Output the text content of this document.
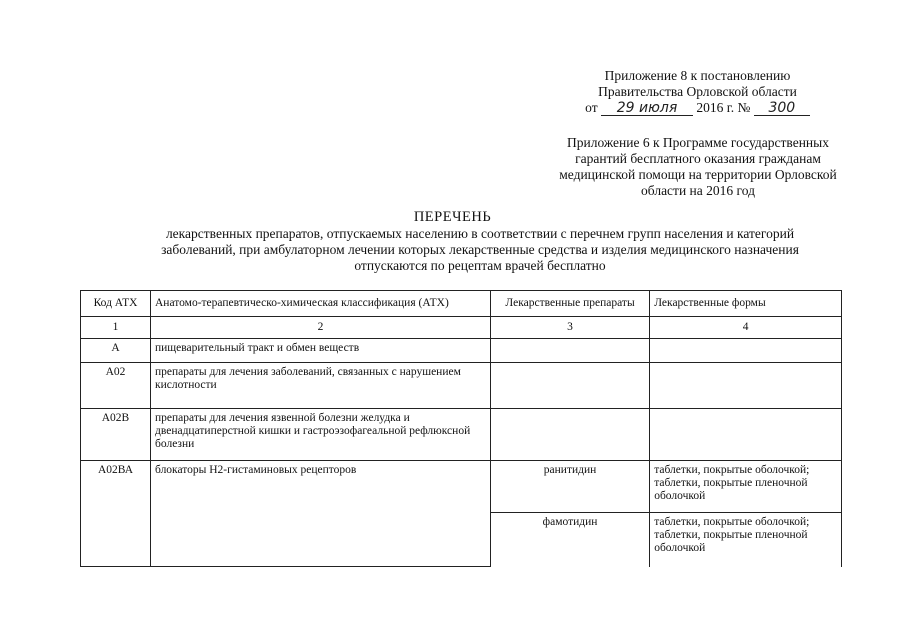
Приложение 8 к постановлению
Правительства Орловской области
от 29 июля 2016 г. № 300
Приложение 6 к Программе государственных
гарантий бесплатного оказания гражданам
медицинской помощи на территории Орловской
области на 2016 год
ПЕРЕЧЕНЬ
лекарственных препаратов, отпускаемых населению в соответствии с перечнем групп населения и категорий
заболеваний, при амбулаторном лечении которых лекарственные средства и изделия медицинского назначения
отпускаются по рецептам врачей бесплатно
Код АТХ	Анатомо-терапевтическо-химическая классификация (АТХ)	Лекарственные препараты	Лекарственные формы
1	2	3	4
А	пищеварительный тракт и обмен веществ		
А02	препараты для лечения заболеваний, связанных с нарушением кислотности		
А02В	препараты для лечения язвенной болезни желудка и двенадцатиперстной кишки и гастроэзофагеальной рефлюксной болезни		
А02ВА	блокаторы Н2-гистаминовых рецепторов	ранитидин	таблетки, покрытые оболочкой; таблетки, покрытые пленочной оболочкой
		фамотидин	таблетки, покрытые оболочкой; таблетки, покрытые пленочной оболочкой
